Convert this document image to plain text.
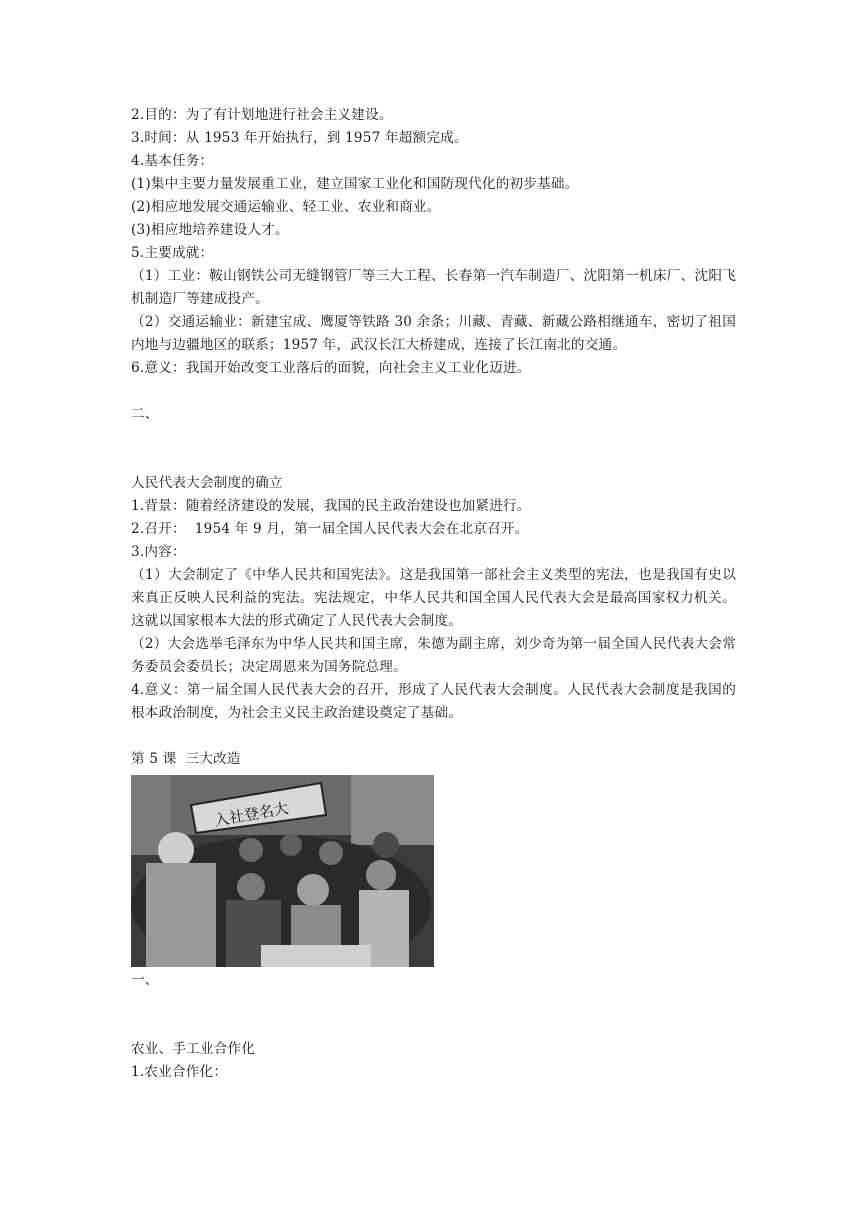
2.目的：为了有计划地进行社会主义建设。
3.时间：从 1953 年开始执行，到 1957 年超额完成。
4.基本任务：
(1)集中主要力量发展重工业，建立国家工业化和国防现代化的初步基础。
(2)相应地发展交通运输业、轻工业、农业和商业。
(3)相应地培养建设人才。
5.主要成就：
（1）工业：鞍山钢铁公司无缝钢管厂等三大工程、长春第一汽车制造厂、沈阳第一机床厂、沈阳飞机制造厂等建成投产。
（2）交通运输业：新建宝成、鹰厦等铁路 30 余条；川藏、青藏、新藏公路相继通车，密切了祖国内地与边疆地区的联系；1957 年，武汉长江大桥建成，连接了长江南北的交通。
6.意义：我国开始改变工业落后的面貌，向社会主义工业化迈进。
二、
人民代表大会制度的确立
1.背景：随着经济建设的发展，我国的民主政治建设也加紧进行。
2.召开：  1954 年 9 月，第一届全国人民代表大会在北京召开。
3.内容：
（1）大会制定了《中华人民共和国宪法》。这是我国第一部社会主义类型的宪法，也是我国有史以来真正反映人民利益的宪法。宪法规定，中华人民共和国全国人民代表大会是最高国家权力机关。这就以国家根本大法的形式确定了人民代表大会制度。
（2）大会选举毛泽东为中华人民共和国主席，朱德为副主席，刘少奇为第一届全国人民代表大会常务委员会委员长；决定周恩来为国务院总理。
4.意义：第一届全国人民代表大会的召开，形成了人民代表大会制度。人民代表大会制度是我国的根本政治制度，为社会主义民主政治建设奠定了基础。
第 5 课  三大改造
入社登名大
一、
农业、手工业合作化
1.农业合作化：
